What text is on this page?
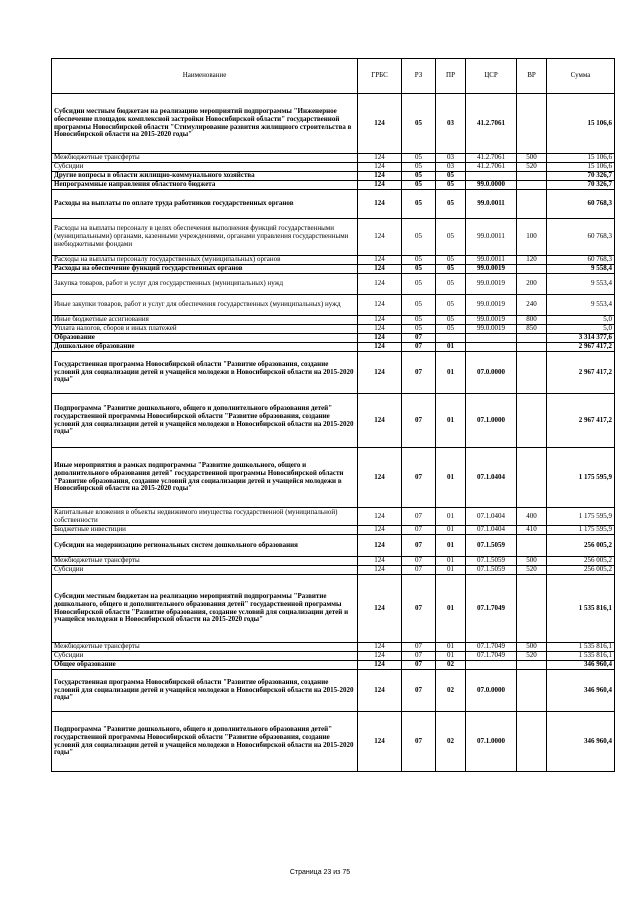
Наименование	ГРБС	РЗ	ПР	ЦСР	ВР	Сумма
Субсидии местным бюджетам на реализацию мероприятий подпрограммы "Инженерное обеспечение площадок комплексной застройки Новосибирской области" государственной программы Новосибирской области "Стимулирование развития жилищного строительства в Новосибирской области на 2015-2020 годы"	124	05	03	41.2.7061		15 106,6
Межбюджетные трансферты	124	05	03	41.2.7061	500	15 106,6
Субсидии	124	05	03	41.2.7061	520	15 106,6
Другие вопросы в области жилищно-коммунального хозяйства	124	05	05			70 326,7
Непрограммные направления областного бюджета	124	05	05	99.0.0000		70 326,7
Расходы на выплаты по оплате труда работников государственных органов	124	05	05	99.0.0011		60 768,3
Расходы на выплаты персоналу в целях обеспечения выполнения функций государственными (муниципальными) органами, казенными учреждениями, органами управления государственными внебюджетными фондами	124	05	05	99.0.0011	100	60 768,3
Расходы на выплаты персоналу государственных (муниципальных) органов	124	05	05	99.0.0011	120	60 768,3
Расходы на обеспечение функций государственных органов	124	05	05	99.0.0019		9 558,4
Закупка товаров, работ и услуг для государственных (муниципальных) нужд	124	05	05	99.0.0019	200	9 553,4
Иные закупки товаров, работ и услуг для обеспечения государственных (муниципальных) нужд	124	05	05	99.0.0019	240	9 553,4
Иные бюджетные ассигнования	124	05	05	99.0.0019	800	5,0
Уплата налогов, сборов и иных платежей	124	05	05	99.0.0019	850	5,0
Образование	124	07				3 314 377,6
Дошкольное образование	124	07	01			2 967 417,2
Государственная программа Новосибирской области "Развитие образования, создание условий для социализации детей и учащейся молодежи в Новосибирской области на 2015-2020 годы"	124	07	01	07.0.0000		2 967 417,2
Подпрограмма "Развитие дошкольного, общего и дополнительного образования детей" государственной программы Новосибирской области "Развитие образования, создание условий для социализации детей и учащейся молодежи в Новосибирской области на 2015-2020 годы"	124	07	01	07.1.0000		2 967 417,2
Иные мероприятия в рамках подпрограммы "Развитие дошкольного, общего и дополнительного образования детей" государственной программы Новосибирской области "Развитие образования, создание условий для социализации детей и учащейся молодежи в Новосибирской области на 2015-2020 годы"	124	07	01	07.1.0404		1 175 595,9
Капитальные вложения в объекты недвижимого имущества государственной (муниципальной) собственности	124	07	01	07.1.0404	400	1 175 595,9
Бюджетные инвестиции	124	07	01	07.1.0404	410	1 175 595,9
Субсидии на модернизацию региональных систем дошкольного образования	124	07	01	07.1.5059		256 005,2
Межбюджетные трансферты	124	07	01	07.1.5059	500	256 005,2
Субсидии	124	07	01	07.1.5059	520	256 005,2
Субсидии местным бюджетам на реализацию мероприятий подпрограммы "Развитие дошкольного, общего и дополнительного образования детей" государственной программы Новосибирской области "Развитие образования, создание условий для социализации детей и учащейся молодежи в Новосибирской области на 2015-2020 годы"	124	07	01	07.1.7049		1 535 816,1
Межбюджетные трансферты	124	07	01	07.1.7049	500	1 535 816,1
Субсидии	124	07	01	07.1.7049	520	1 535 816,1
Общее образование	124	07	02			346 960,4
Государственная программа Новосибирской области "Развитие образования, создание условий для социализации детей и учащейся молодежи в Новосибирской области на 2015-2020 годы"	124	07	02	07.0.0000		346 960,4
Подпрограмма "Развитие дошкольного, общего и дополнительного образования детей" государственной программы Новосибирской области "Развитие образования, создание условий для социализации детей и учащейся молодежи в Новосибирской области на 2015-2020 годы"	124	07	02	07.1.0000		346 960,4
Страница 23 из 75
